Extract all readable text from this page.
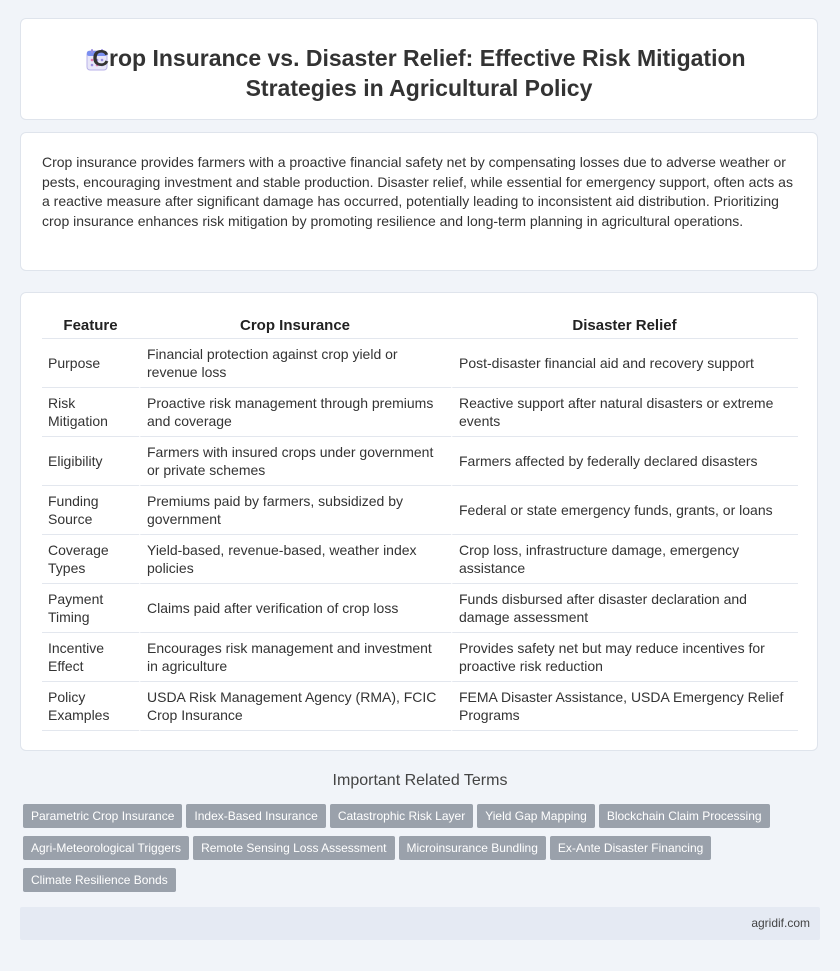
Crop Insurance vs. Disaster Relief: Effective Risk Mitigation Strategies in Agricultural Policy

Crop insurance provides farmers with a proactive financial safety net by compensating losses due to adverse weather or pests, encouraging investment and stable production. Disaster relief, while essential for emergency support, often acts as a reactive measure after significant damage has occurred, potentially leading to inconsistent aid distribution. Prioritizing crop insurance enhances risk mitigation by promoting resilience and long-term planning in agricultural operations.

Feature	Crop Insurance	Disaster Relief
Purpose	Financial protection against crop yield or revenue loss	Post-disaster financial aid and recovery support
Risk Mitigation	Proactive risk management through premiums and coverage	Reactive support after natural disasters or extreme events
Eligibility	Farmers with insured crops under government or private schemes	Farmers affected by federally declared disasters
Funding Source	Premiums paid by farmers, subsidized by government	Federal or state emergency funds, grants, or loans
Coverage Types	Yield-based, revenue-based, weather index policies	Crop loss, infrastructure damage, emergency assistance
Payment Timing	Claims paid after verification of crop loss	Funds disbursed after disaster declaration and damage assessment
Incentive Effect	Encourages risk management and investment in agriculture	Provides safety net but may reduce incentives for proactive risk reduction
Policy Examples	USDA Risk Management Agency (RMA), FCIC Crop Insurance	FEMA Disaster Assistance, USDA Emergency Relief Programs
Important Related Terms
Parametric Crop Insurance Index-Based Insurance Catastrophic Risk Layer Yield Gap Mapping Blockchain Claim ProcessingAgri-Meteorological Triggers Remote Sensing Loss Assessment Microinsurance Bundling Ex-Ante Disaster FinancingClimate Resilience Bonds
agridif.com
